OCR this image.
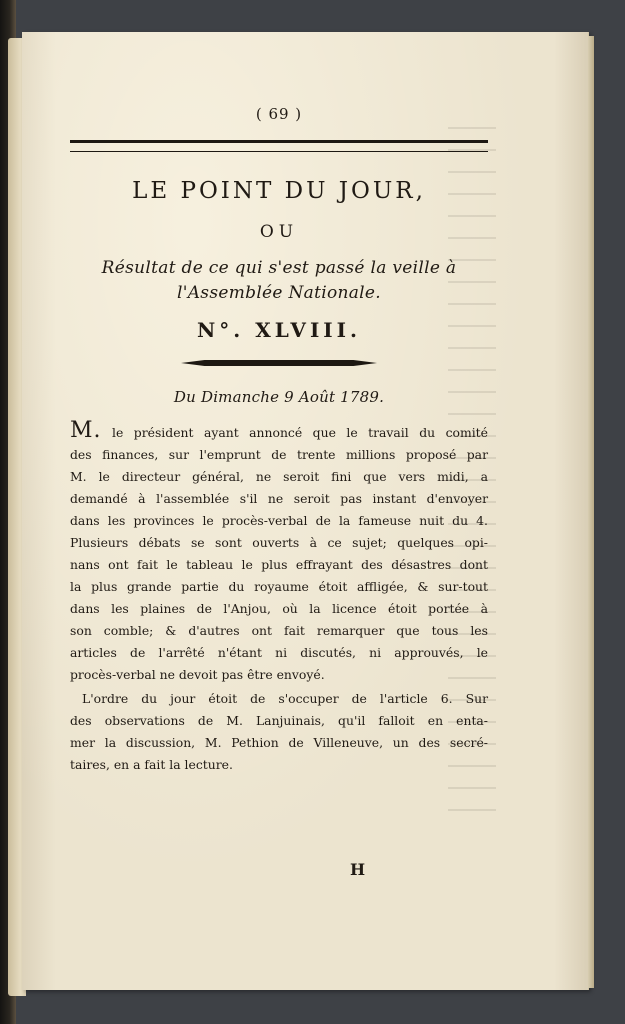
( 69 )
LE POINT DU JOUR,
OU
Résultat de ce qui s'est passé la veille à
l'Assemblée Nationale.
N°. XLVIII.
Du Dimanche 9 Août 1789.
M. le président ayant annoncé que le travail du comité
des finances, sur l'emprunt de trente millions proposé par
M. le directeur général, ne seroit fini que vers midi, a
demandé à l'assemblée s'il ne seroit pas instant d'envoyer
dans les provinces le procès-verbal de la fameuse nuit du 4.
Plusieurs débats se sont ouverts à ce sujet; quelques opi-
nans ont fait le tableau le plus effrayant des désastres dont
la plus grande partie du royaume étoit affligée, & sur-tout
dans les plaines de l'Anjou, où la licence étoit portée à
son comble; & d'autres ont fait remarquer que tous les
articles de l'arrêté n'étant ni discutés, ni approuvés, le
procès-verbal ne devoit pas être envoyé.
L'ordre du jour étoit de s'occuper de l'article 6. Sur
des observations de M. Lanjuinais, qu'il falloit en enta-
mer la discussion, M. Pethion de Villeneuve, un des secré-
taires, en a fait la lecture.
H
